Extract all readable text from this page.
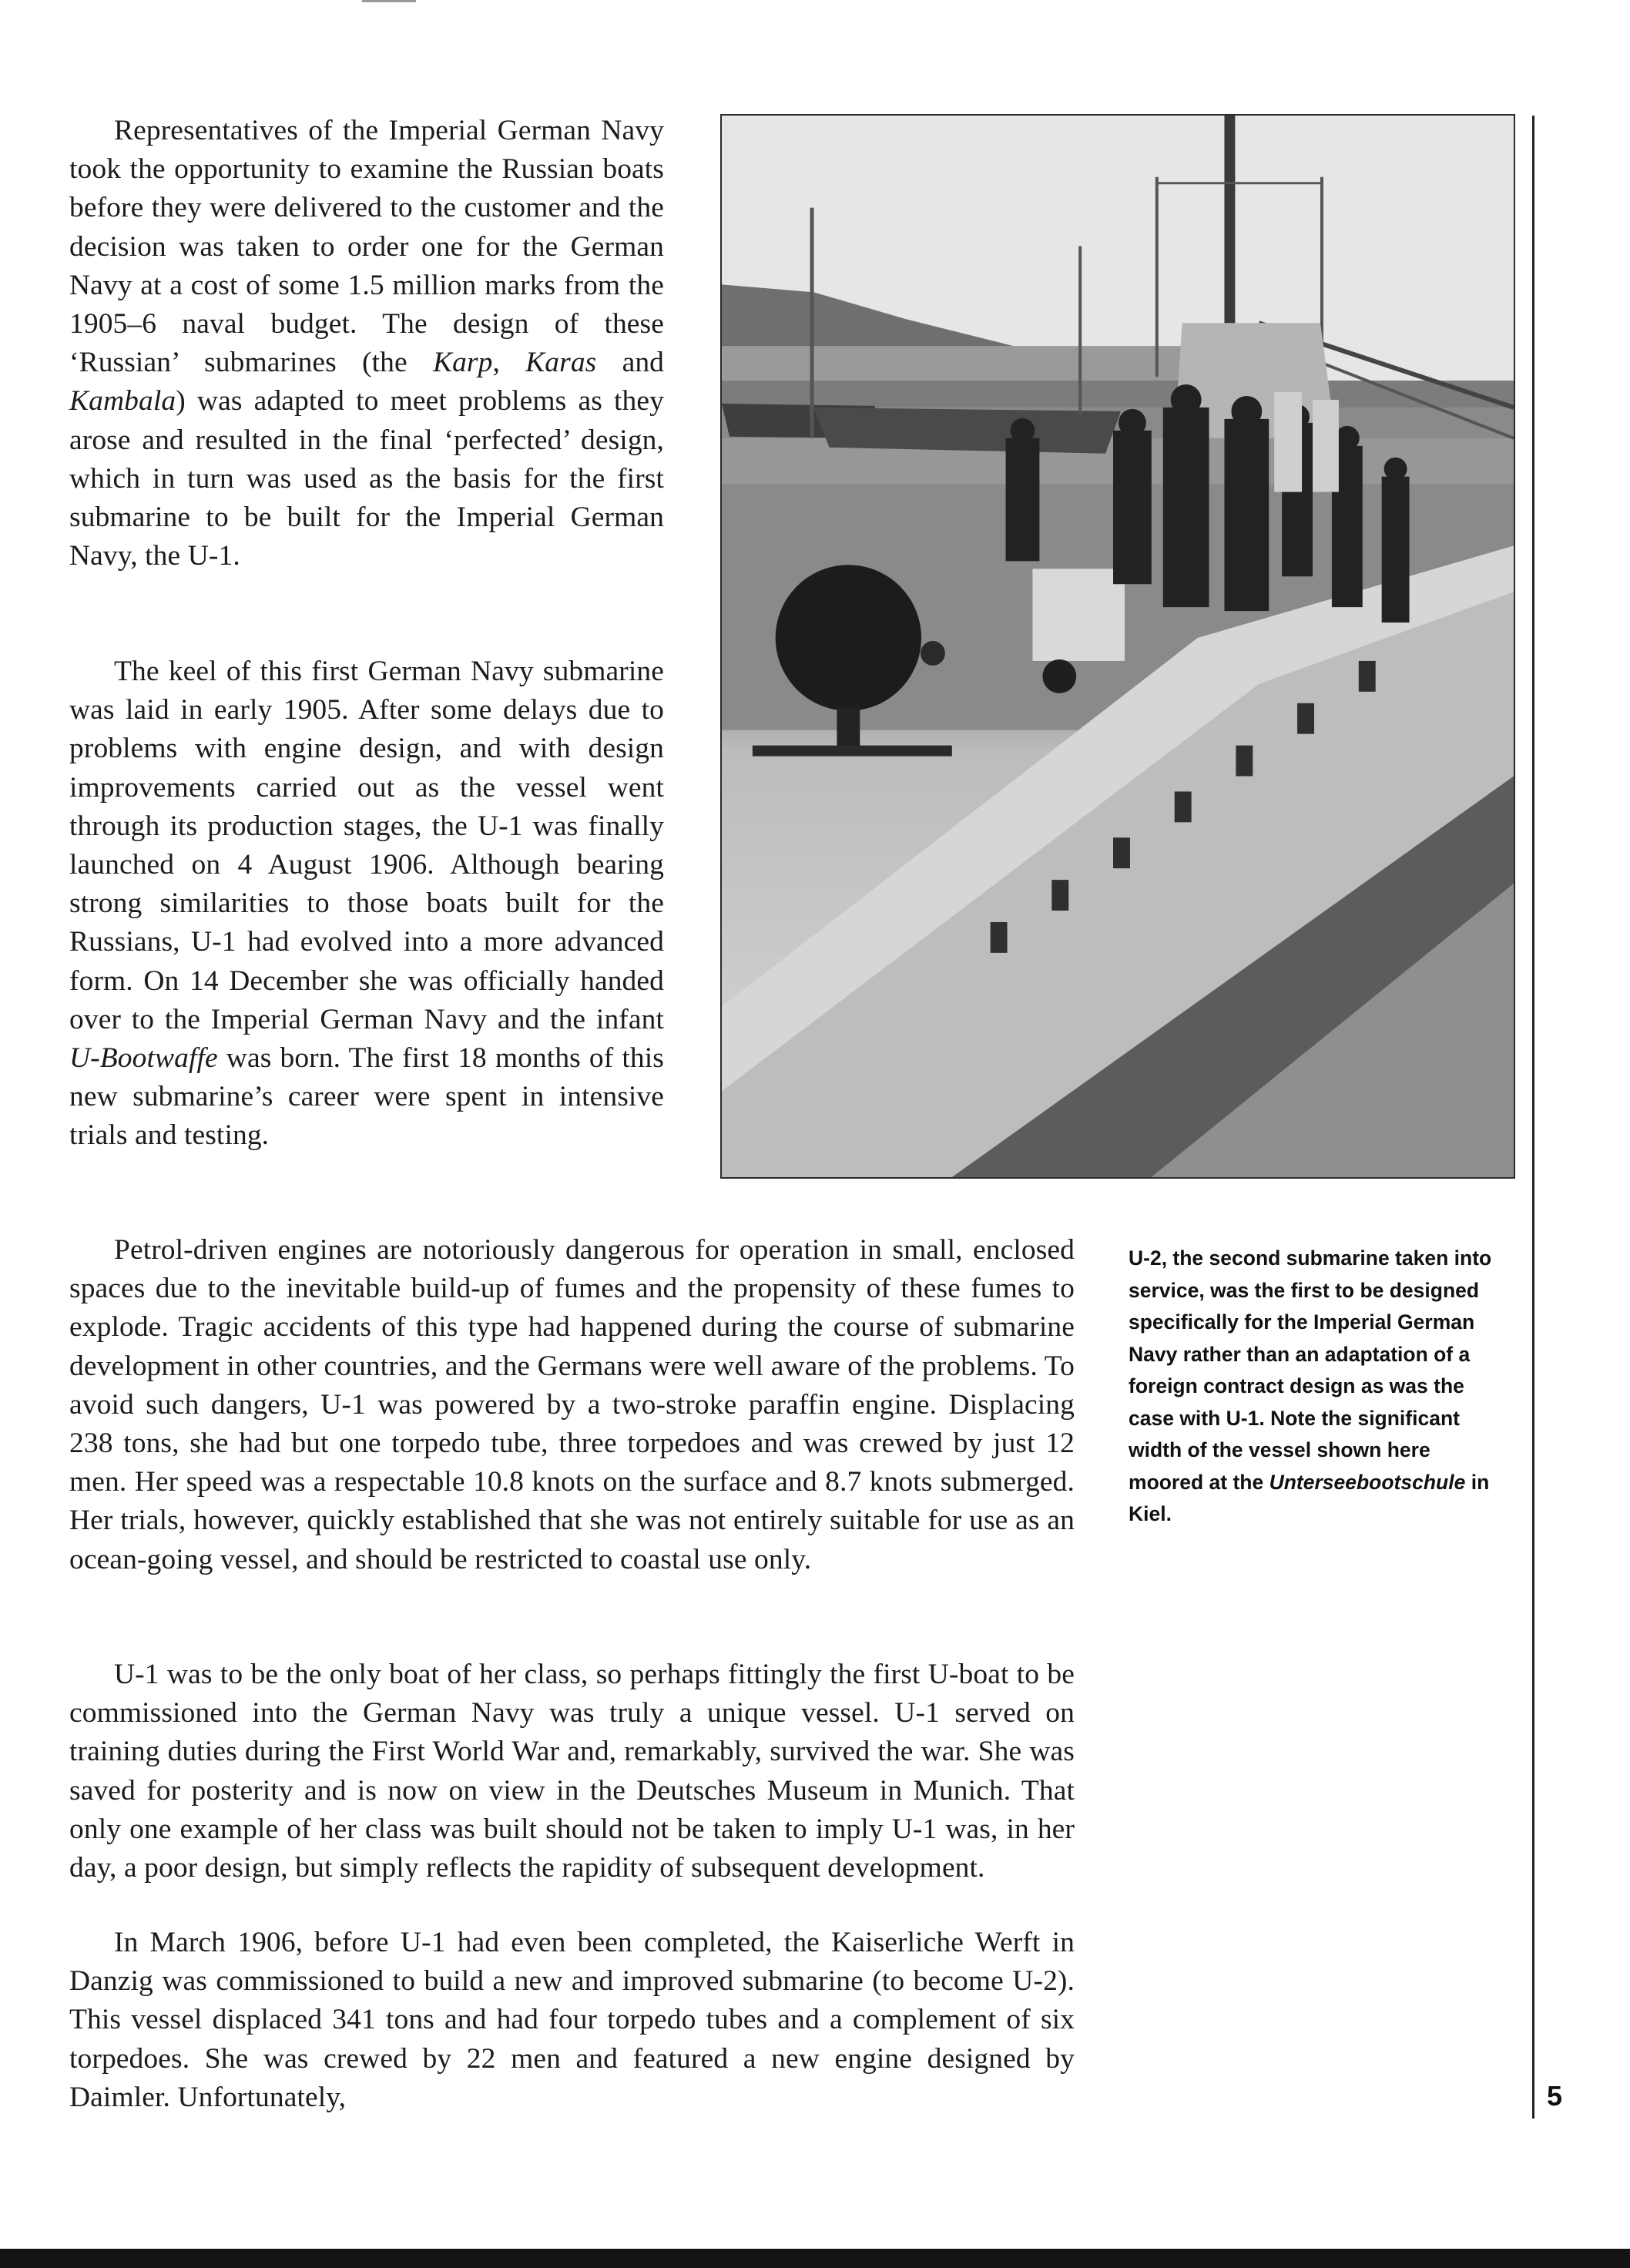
Representatives of the Imperial German Navy took the opportunity to examine the Russian boats before they were delivered to the customer and the decision was taken to order one for the German Navy at a cost of some 1.5 million marks from the 1905–6 naval budget. The design of these ‘Russian’ submarines (the Karp, Karas and Kambala) was adapted to meet problems as they arose and resulted in the final ‘perfected’ design, which in turn was used as the basis for the first submarine to be built for the Imperial German Navy, the U-1.

The keel of this first German Navy submarine was laid in early 1905. After some delays due to problems with engine design, and with design improvements carried out as the vessel went through its production stages, the U-1 was finally launched on 4 August 1906. Although bearing strong similarities to those boats built for the Russians, U-1 had evolved into a more advanced form. On 14 December she was officially handed over to the Imperial German Navy and the infant U-Bootwaffe was born. The first 18 months of this new submarine’s career were spent in intensive trials and testing.

Petrol-driven engines are notoriously dangerous for operation in small, enclosed spaces due to the inevitable build-up of fumes and the propensity of these fumes to explode. Tragic accidents of this type had happened during the course of submarine development in other countries, and the Germans were well aware of the problems. To avoid such dangers, U-1 was powered by a two-stroke paraffin engine. Displacing 238 tons, she had but one torpedo tube, three torpedoes and was crewed by just 12 men. Her speed was a respectable 10.8 knots on the surface and 8.7 knots submerged. Her trials, however, quickly established that she was not entirely suitable for use as an ocean-going vessel, and should be restricted to coastal use only.

U-1 was to be the only boat of her class, so perhaps fittingly the first U-boat to be commissioned into the German Navy was truly a unique vessel. U-1 served on training duties during the First World War and, remarkably, survived the war. She was saved for posterity and is now on view in the Deutsches Museum in Munich. That only one example of her class was built should not be taken to imply U-1 was, in her day, a poor design, but simply reflects the rapidity of subsequent development.

In March 1906, before U-1 had even been completed, the Kaiserliche Werft in Danzig was commissioned to build a new and improved submarine (to become U-2). This vessel displaced 341 tons and had four torpedo tubes and a complement of six torpedoes. She was crewed by 22 men and featured a new engine designed by Daimler. Unfortunately,

U-2, the second submarine taken into service, was the first to be designed specifically for the Imperial German Navy rather than an adaptation of a foreign contract design as was the case with U-1. Note the significant width of the vessel shown here moored at the Unterseebootschule in Kiel.

5
